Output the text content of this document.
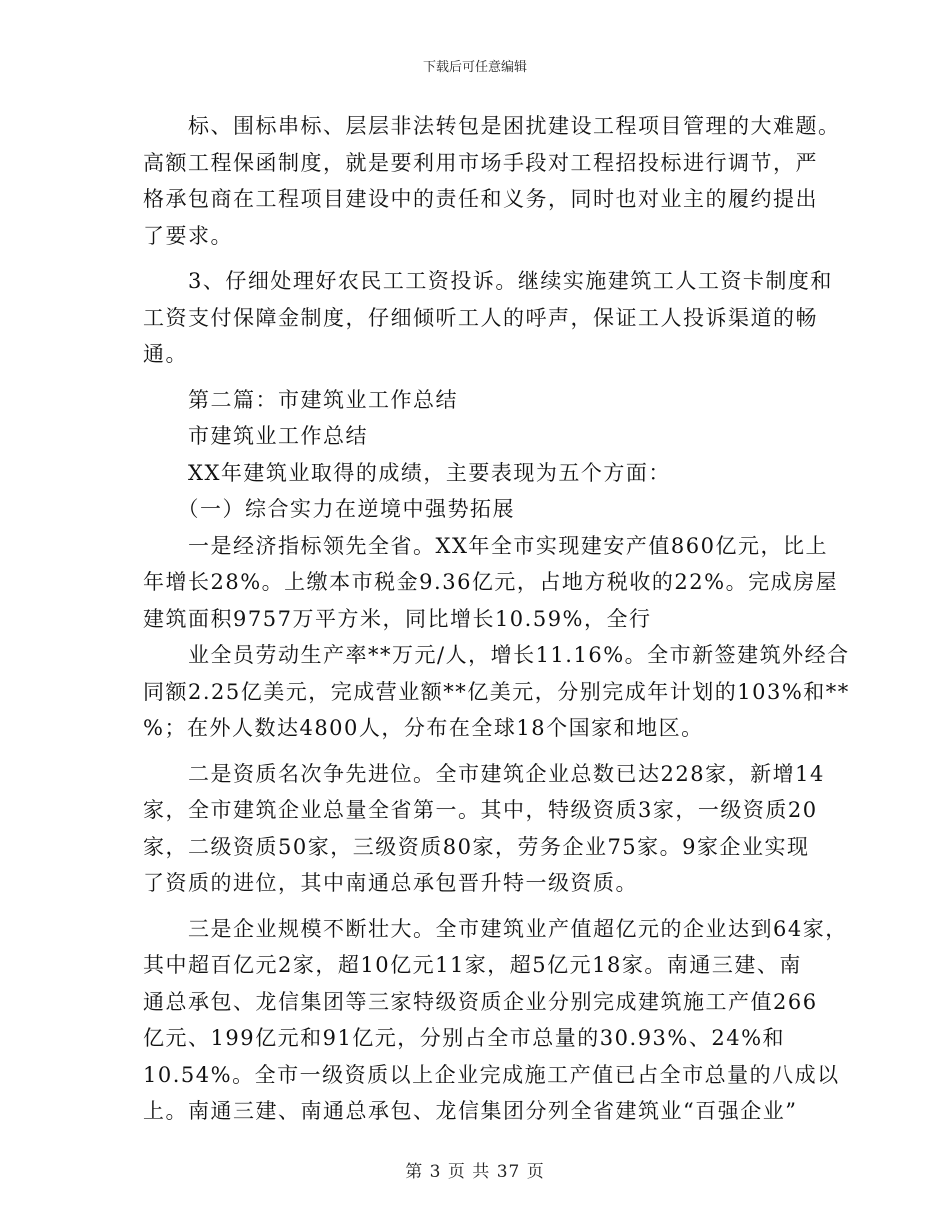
下载后可任意编辑
　　标、围标串标、层层非法转包是困扰建设工程项目管理的大难题。
高额工程保函制度，就是要利用市场手段对工程招投标进行调节，严
格承包商在工程项目建设中的责任和义务，同时也对业主的履约提出
了要求。
　　3、仔细处理好农民工工资投诉。继续实施建筑工人工资卡制度和
工资支付保障金制度，仔细倾听工人的呼声，保证工人投诉渠道的畅
通。
　　第二篇：市建筑业工作总结
　　市建筑业工作总结
　　XX年建筑业取得的成绩，主要表现为五个方面：
　　（一）综合实力在逆境中强势拓展
　　一是经济指标领先全省。XX年全市实现建安产值860亿元，比上
年增长28%。上缴本市税金9.36亿元，占地方税收的22%。完成房屋
建筑面积9757万平方米，同比增长10.59%，全行
　　业全员劳动生产率**万元/人，增长11.16%。全市新签建筑外经合
同额2.25亿美元，完成营业额**亿美元，分别完成年计划的103%和**
%；在外人数达4800人，分布在全球18个国家和地区。
　　二是资质名次争先进位。全市建筑企业总数已达228家，新增14
家，全市建筑企业总量全省第一。其中，特级资质3家，一级资质20
家，二级资质50家，三级资质80家，劳务企业75家。9家企业实现
了资质的进位，其中南通总承包晋升特一级资质。
　　三是企业规模不断壮大。全市建筑业产值超亿元的企业达到64家，
其中超百亿元2家，超10亿元11家，超5亿元18家。南通三建、南
通总承包、龙信集团等三家特级资质企业分别完成建筑施工产值266
亿元、199亿元和91亿元，分别占全市总量的30.93%、24%和
10.54%。全市一级资质以上企业完成施工产值已占全市总量的八成以
上。南通三建、南通总承包、龙信集团分列全省建筑业“百强企业”
第 3 页 共 37 页
